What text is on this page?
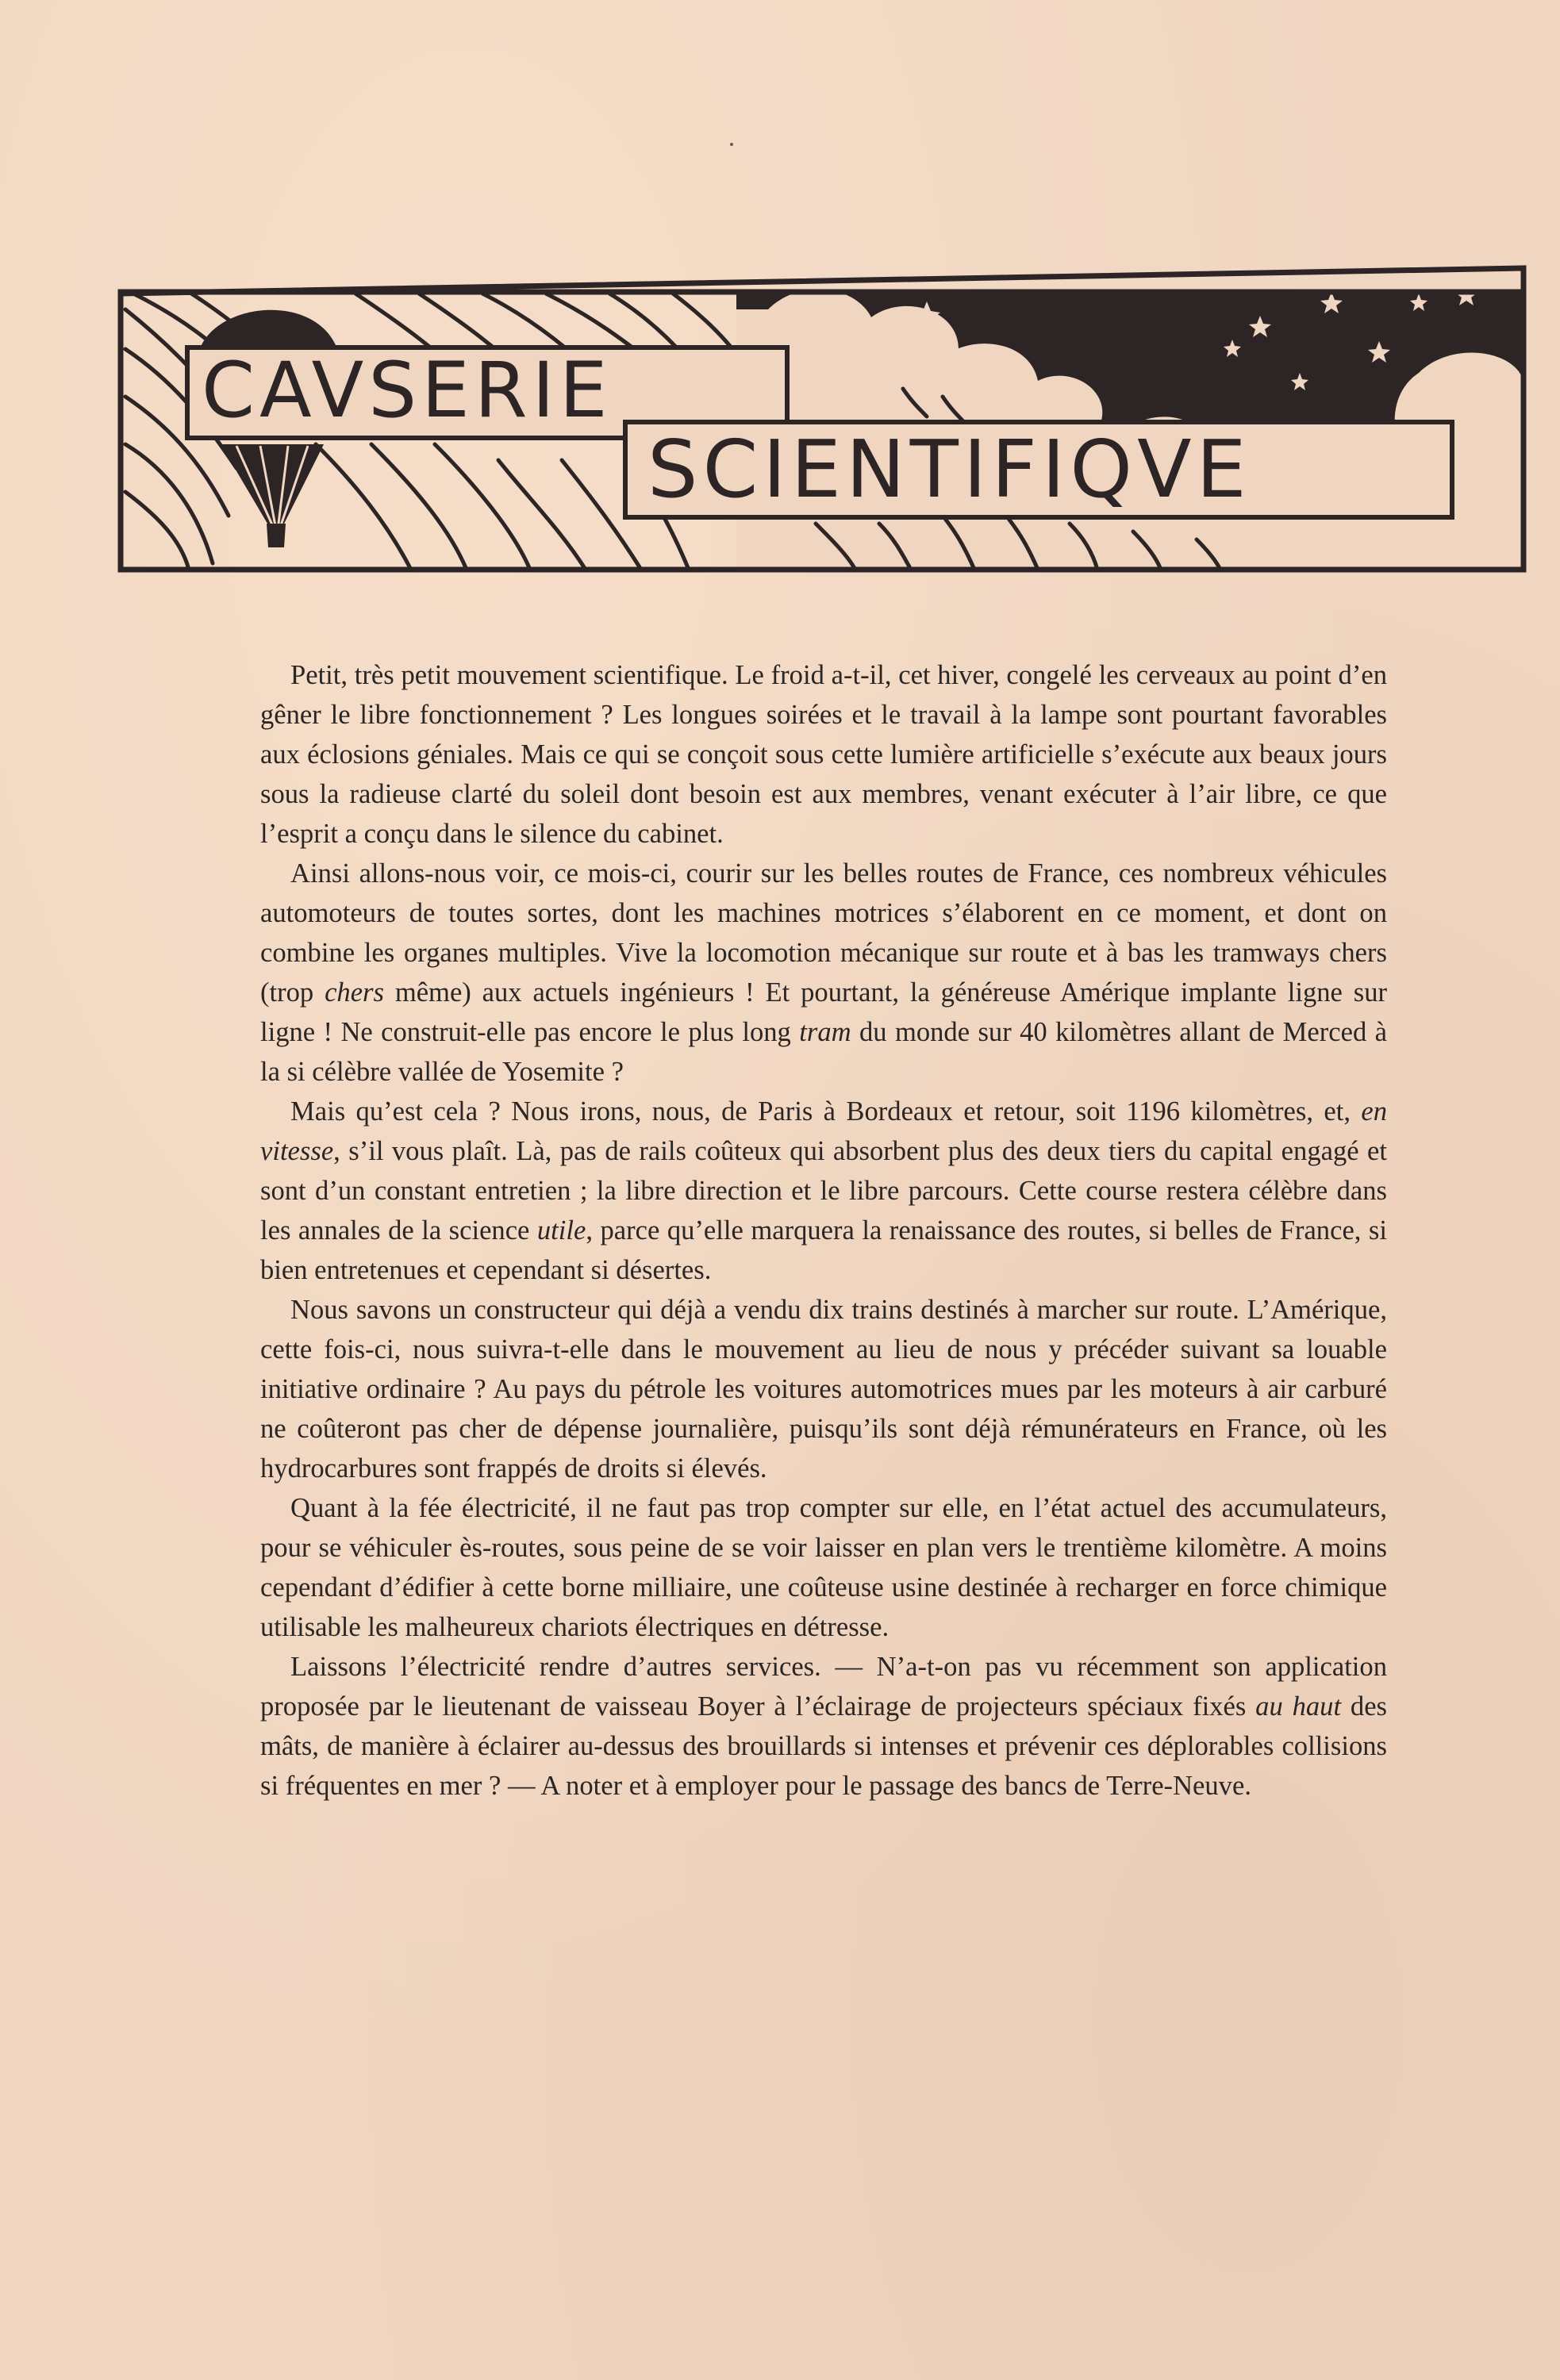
CAVSERIE
SCIENTIFIQVE

Petit, très petit mouvement scientifique. Le froid a-t-il, cet hiver, congelé les cerveaux au point d’en gêner le libre fonctionnement ? Les longues soirées et le travail à la lampe sont pourtant favorables aux éclosions géniales. Mais ce qui se conçoit sous cette lumière artificielle s’exécute aux beaux jours sous la radieuse clarté du soleil dont besoin est aux membres, venant exécuter à l’air libre, ce que l’esprit a conçu dans le silence du cabinet.

Ainsi allons-nous voir, ce mois-ci, courir sur les belles routes de France, ces nombreux véhicules automoteurs de toutes sortes, dont les machines motrices s’élaborent en ce moment, et dont on combine les organes multiples. Vive la locomotion mécanique sur route et à bas les tramways chers (trop chers même) aux actuels ingénieurs ! Et pourtant, la généreuse Amérique implante ligne sur ligne ! Ne construit-elle pas encore le plus long tram du monde sur 40 kilomètres allant de Merced à la si célèbre vallée de Yosemite ?

Mais qu’est cela ? Nous irons, nous, de Paris à Bordeaux et retour, soit 1196 kilomètres, et, en vitesse, s’il vous plaît. Là, pas de rails coûteux qui absorbent plus des deux tiers du capital engagé et sont d’un constant entretien ; la libre direction et le libre parcours. Cette course restera célèbre dans les annales de la science utile, parce qu’elle marquera la renaissance des routes, si belles de France, si bien entretenues et cependant si désertes.

Nous savons un constructeur qui déjà a vendu dix trains destinés à marcher sur route. L’Amérique, cette fois-ci, nous suivra-t-elle dans le mouvement au lieu de nous y précéder suivant sa louable initiative ordinaire ? Au pays du pétrole les voitures automotrices mues par les moteurs à air carburé ne coûteront pas cher de dépense journalière, puisqu’ils sont déjà rémunérateurs en France, où les hydrocarbures sont frappés de droits si élevés.

Quant à la fée électricité, il ne faut pas trop compter sur elle, en l’état actuel des accumulateurs, pour se véhiculer ès-routes, sous peine de se voir laisser en plan vers le trentième kilomètre. A moins cependant d’édifier à cette borne milliaire, une coûteuse usine destinée à recharger en force chimique utilisable les malheureux chariots électriques en détresse.

Laissons l’électricité rendre d’autres services. — N’a-t-on pas vu récemment son application proposée par le lieutenant de vaisseau Boyer à l’éclairage de projecteurs spéciaux fixés au haut des mâts, de manière à éclairer au-dessus des brouillards si intenses et prévenir ces déplorables collisions si fréquentes en mer ? — A noter et à employer pour le passage des bancs de Terre-Neuve.
